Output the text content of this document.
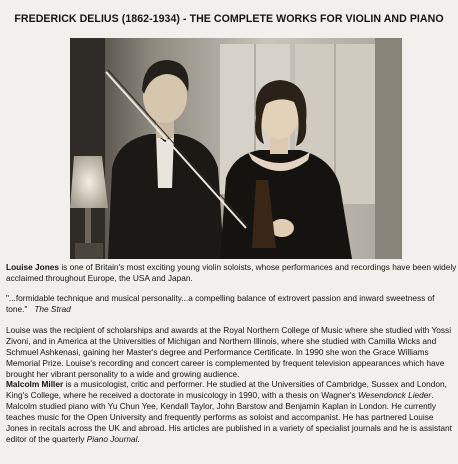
FREDERICK DELIUS (1862-1934) - THE COMPLETE WORKS FOR VIOLIN AND PIANO
Louise Jones is one of Britain's most exciting young violin soloists, whose performances and recordings have been widely
acclaimed throughout Europe, the USA and Japan.
"...formidable technique and musical personality...a compelling balance of extrovert passion and inward sweetness of
tone." The Strad
Louise was the recipient of scholarships and awards at the Royal Northern College of Music where she studied with Yossi
Zivoni, and in America at the Universities of Michigan and Northern Illinois, where she studied with Camilla Wicks and
Schmuel Ashkenasi, gaining her Master's degree and Performance Certificate. In 1990 she won the Grace Williams
Memorial Prize. Louise's recording and concert career is complemented by frequent television appearances which have
brought her vibrant personality to a wide and growing audience.
Malcolm Miller is a musicologist, critic and performer. He studied at the Universities of Cambridge, Sussex and London,
King's College, where he received a doctorate in musicology in 1990, with a thesis on Wagner's Wesendonck Lieder.
Malcolm studied piano with Yu Chun Yee, Kendall Taylor, John Barstow and Benjamin Kaplan in London. He currently
teaches music for the Open University and frequently performs as soloist and accompanist. He has partnered Louise
Jones in recitals across the UK and abroad. His articles are published in a variety of specialist journals and he is assistant
editor of the quarterly Piano Journal.
